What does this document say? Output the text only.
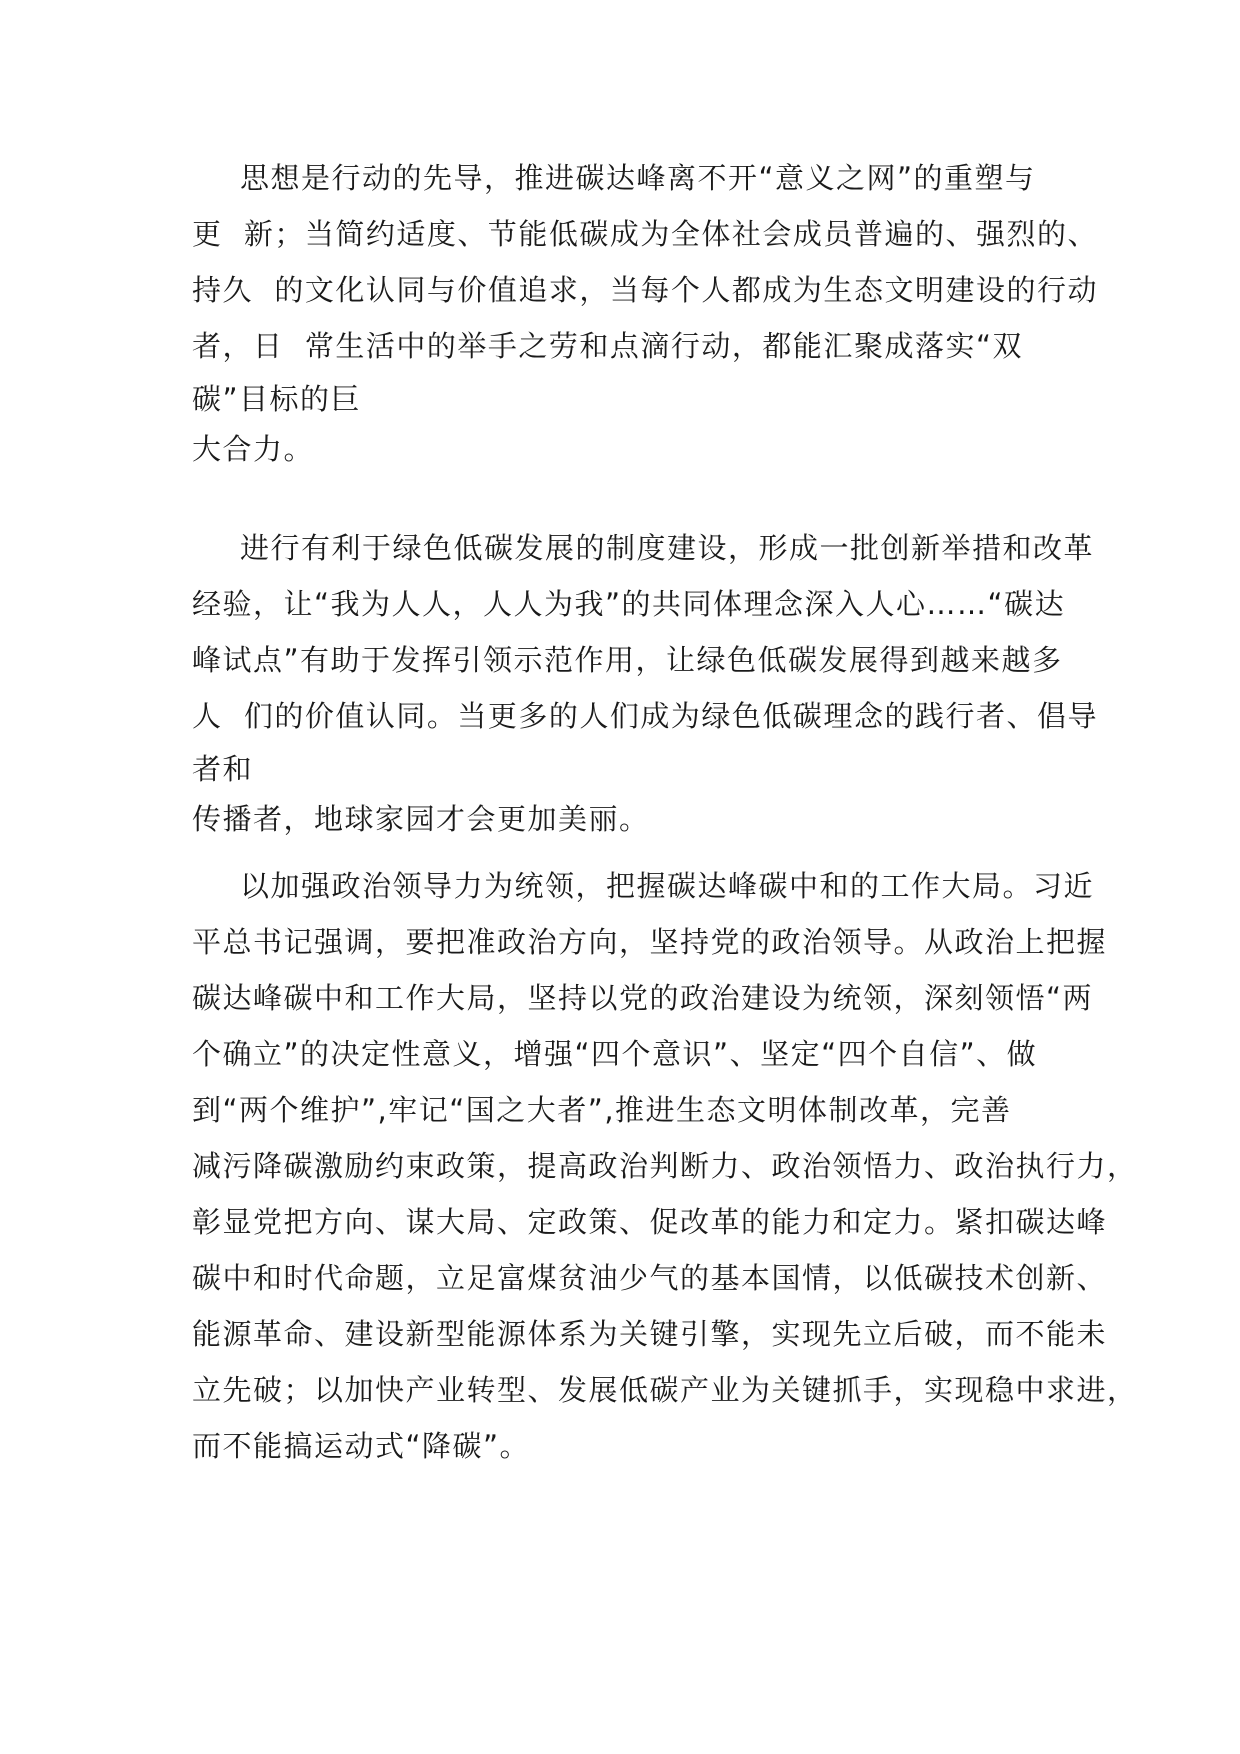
思想是行动的先导，推进碳达峰离不开“意义之网”的重塑与
更  新；当简约适度、节能低碳成为全体社会成员普遍的、强烈的、
持久  的文化认同与价值追求，当每个人都成为生态文明建设的行动
者，日  常生活中的举手之劳和点滴行动，都能汇聚成落实“双
碳”目标的巨
大合力。
进行有利于绿色低碳发展的制度建设，形成一批创新举措和改革
经验，让“我为人人，人人为我”的共同体理念深入人心……“碳达
峰试点”有助于发挥引领示范作用，让绿色低碳发展得到越来越多
人  们的价值认同。当更多的人们成为绿色低碳理念的践行者、倡导
者和
传播者，地球家园才会更加美丽。
以加强政治领导力为统领，把握碳达峰碳中和的工作大局。习近
平总书记强调，要把准政治方向，坚持党的政治领导。从政治上把握
碳达峰碳中和工作大局，坚持以党的政治建设为统领，深刻领悟“两
个确立”的决定性意义，增强“四个意识”、坚定“四个自信”、做
到“两个维护”,牢记“国之大者”,推进生态文明体制改革，完善
减污降碳激励约束政策，提高政治判断力、政治领悟力、政治执行力，
彰显党把方向、谋大局、定政策、促改革的能力和定力。紧扣碳达峰
碳中和时代命题，立足富煤贫油少气的基本国情，以低碳技术创新、
能源革命、建设新型能源体系为关键引擎，实现先立后破，而不能未
立先破；以加快产业转型、发展低碳产业为关键抓手，实现稳中求进，
而不能搞运动式“降碳”。
